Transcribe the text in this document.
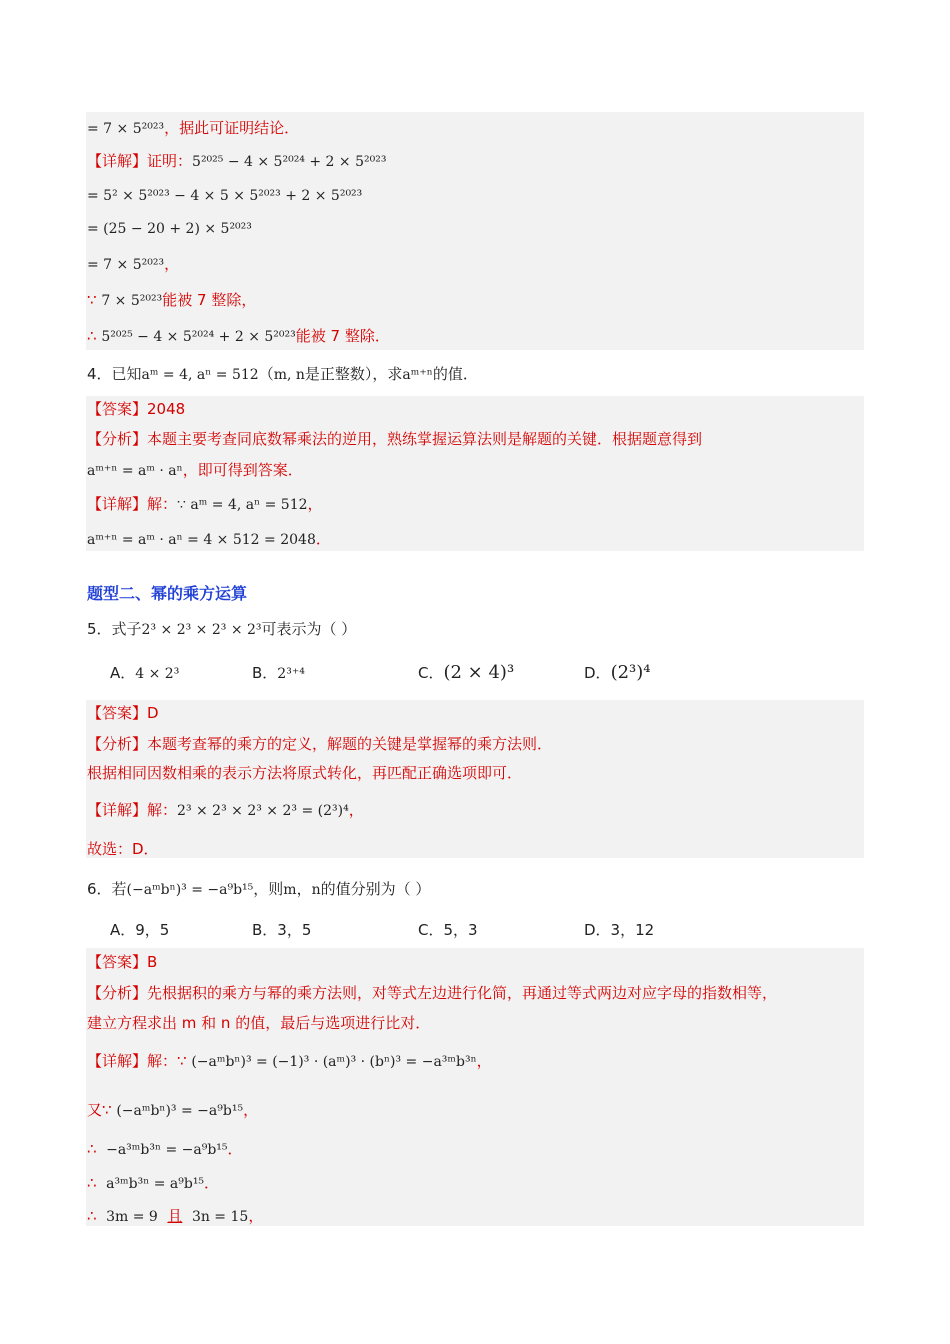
= 7 × 5²⁰²³，据此可证明结论．
【详解】证明：5²⁰²⁵ − 4 × 5²⁰²⁴ + 2 × 5²⁰²³
= 5² × 5²⁰²³ − 4 × 5 × 5²⁰²³ + 2 × 5²⁰²³
= (25 − 20 + 2) × 5²⁰²³
= 7 × 5²⁰²³，
∵ 7 × 5²⁰²³能被 7 整除，
∴ 5²⁰²⁵ − 4 × 5²⁰²⁴ + 2 × 5²⁰²³能被 7 整除．
4．已知aᵐ = 4, aⁿ = 512（m, n是正整数），求aᵐ⁺ⁿ的值．
【答案】2048
【分析】本题主要考查同底数幂乘法的逆用，熟练掌握运算法则是解题的关键．根据题意得到
aᵐ⁺ⁿ = aᵐ · aⁿ，即可得到答案．
【详解】解：∵ aᵐ = 4, aⁿ = 512，
aᵐ⁺ⁿ = aᵐ · aⁿ = 4 × 512 = 2048．
题型二、幂的乘方运算
5．式子2³ × 2³ × 2³ × 2³可表示为（ ）
A．4 × 2³	B．2³⁺⁴	C．(2 × 4)³	D．(2³)⁴
【答案】D
【分析】本题考查幂的乘方的定义，解题的关键是掌握幂的乘方法则．
根据相同因数相乘的表示方法将原式转化，再匹配正确选项即可．
【详解】解：2³ × 2³ × 2³ × 2³ = (2³)⁴，
故选：D．
6．若(−aᵐbⁿ)³ = −a⁹b¹⁵，则m，n的值分别为（ ）
A．9，5	B．3，5	C．5，3	D．3，12
【答案】B
【分析】先根据积的乘方与幂的乘方法则，对等式左边进行化简，再通过等式两边对应字母的指数相等，
建立方程求出 m 和 n 的值，最后与选项进行比对．
【详解】解：∵ (−aᵐbⁿ)³ = (−1)³ · (aᵐ)³ · (bⁿ)³ = −a³ᵐb³ⁿ，
又∵ (−aᵐbⁿ)³ = −a⁹b¹⁵，
∴ −a³ᵐb³ⁿ = −a⁹b¹⁵．
∴ a³ᵐb³ⁿ = a⁹b¹⁵．
∴ 3m = 9 且 3n = 15，
